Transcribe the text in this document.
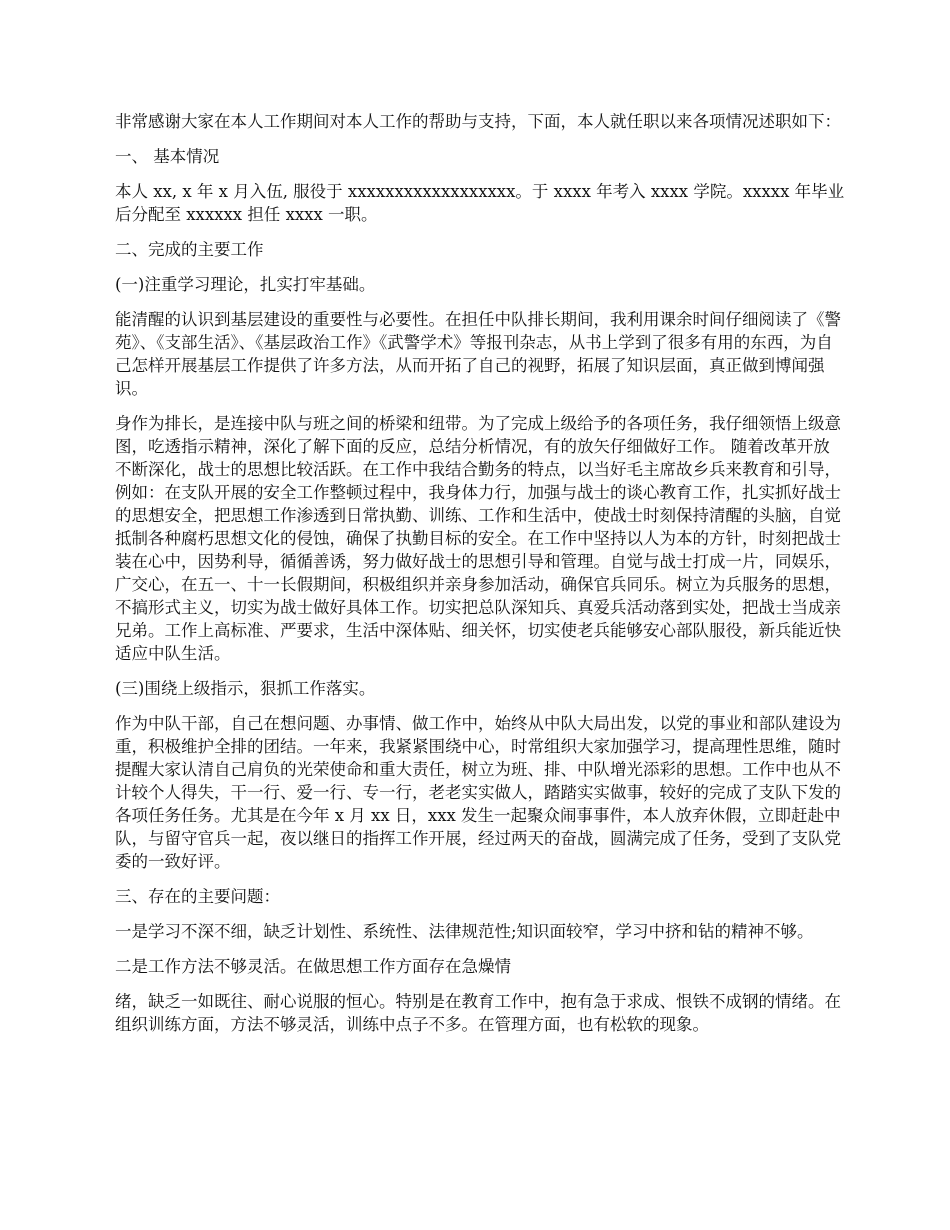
非常感谢大家在本人工作期间对本人工作的帮助与支持，下面，本人就任职以来各项情况述职如下：

一、 基本情况

本人 xx, x 年 x 月入伍, 服役于 xxxxxxxxxxxxxxxxxx。于 xxxx 年考入 xxxx 学院。xxxxx 年毕业后分配至 xxxxxx 担任 xxxx 一职。

二、完成的主要工作

(一)注重学习理论，扎实打牢基础。

能清醒的认识到基层建设的重要性与必要性。在担任中队排长期间，我利用课余时间仔细阅读了《警苑》、《支部生活》、《基层政治工作》《武警学术》等报刊杂志，从书上学到了很多有用的东西，为自己怎样开展基层工作提供了许多方法，从而开拓了自己的视野，拓展了知识层面，真正做到博闻强识。

身作为排长，是连接中队与班之间的桥梁和纽带。为了完成上级给予的各项任务，我仔细领悟上级意图，吃透指示精神，深化了解下面的反应，总结分析情况，有的放矢仔细做好工作。 随着改革开放不断深化，战士的思想比较活跃。在工作中我结合勤务的特点，以当好毛主席故乡兵来教育和引导，例如：在支队开展的安全工作整顿过程中，我身体力行，加强与战士的谈心教育工作，扎实抓好战士的思想安全，把思想工作渗透到日常执勤、训练、工作和生活中，使战士时刻保持清醒的头脑，自觉抵制各种腐朽思想文化的侵蚀，确保了执勤目标的安全。在工作中坚持以人为本的方针，时刻把战士装在心中，因势利导，循循善诱，努力做好战士的思想引导和管理。自觉与战士打成一片，同娱乐，广交心，在五一、十一长假期间，积极组织并亲身参加活动，确保官兵同乐。树立为兵服务的思想，不搞形式主义，切实为战士做好具体工作。切实把总队深知兵、真爱兵活动落到实处，把战士当成亲兄弟。工作上高标准、严要求，生活中深体贴、细关怀，切实使老兵能够安心部队服役，新兵能近快适应中队生活。

(三)围绕上级指示，狠抓工作落实。

作为中队干部，自己在想问题、办事情、做工作中，始终从中队大局出发，以党的事业和部队建设为重，积极维护全排的团结。一年来，我紧紧围绕中心，时常组织大家加强学习，提高理性思维，随时提醒大家认清自己肩负的光荣使命和重大责任，树立为班、排、中队增光添彩的思想。工作中也从不计较个人得失，干一行、爱一行、专一行，老老实实做人，踏踏实实做事，较好的完成了支队下发的各项任务任务。尤其是在今年 x 月 xx 日，xxx 发生一起聚众闹事事件，本人放弃休假，立即赶赴中队，与留守官兵一起，夜以继日的指挥工作开展，经过两天的奋战，圆满完成了任务，受到了支队党委的一致好评。

三、存在的主要问题：

一是学习不深不细，缺乏计划性、系统性、法律规范性;知识面较窄，学习中挤和钻的精神不够。

二是工作方法不够灵活。在做思想工作方面存在急燥情

绪，缺乏一如既往、耐心说服的恒心。特别是在教育工作中，抱有急于求成、恨铁不成钢的情绪。在组织训练方面，方法不够灵活，训练中点子不多。在管理方面，也有松软的现象。
